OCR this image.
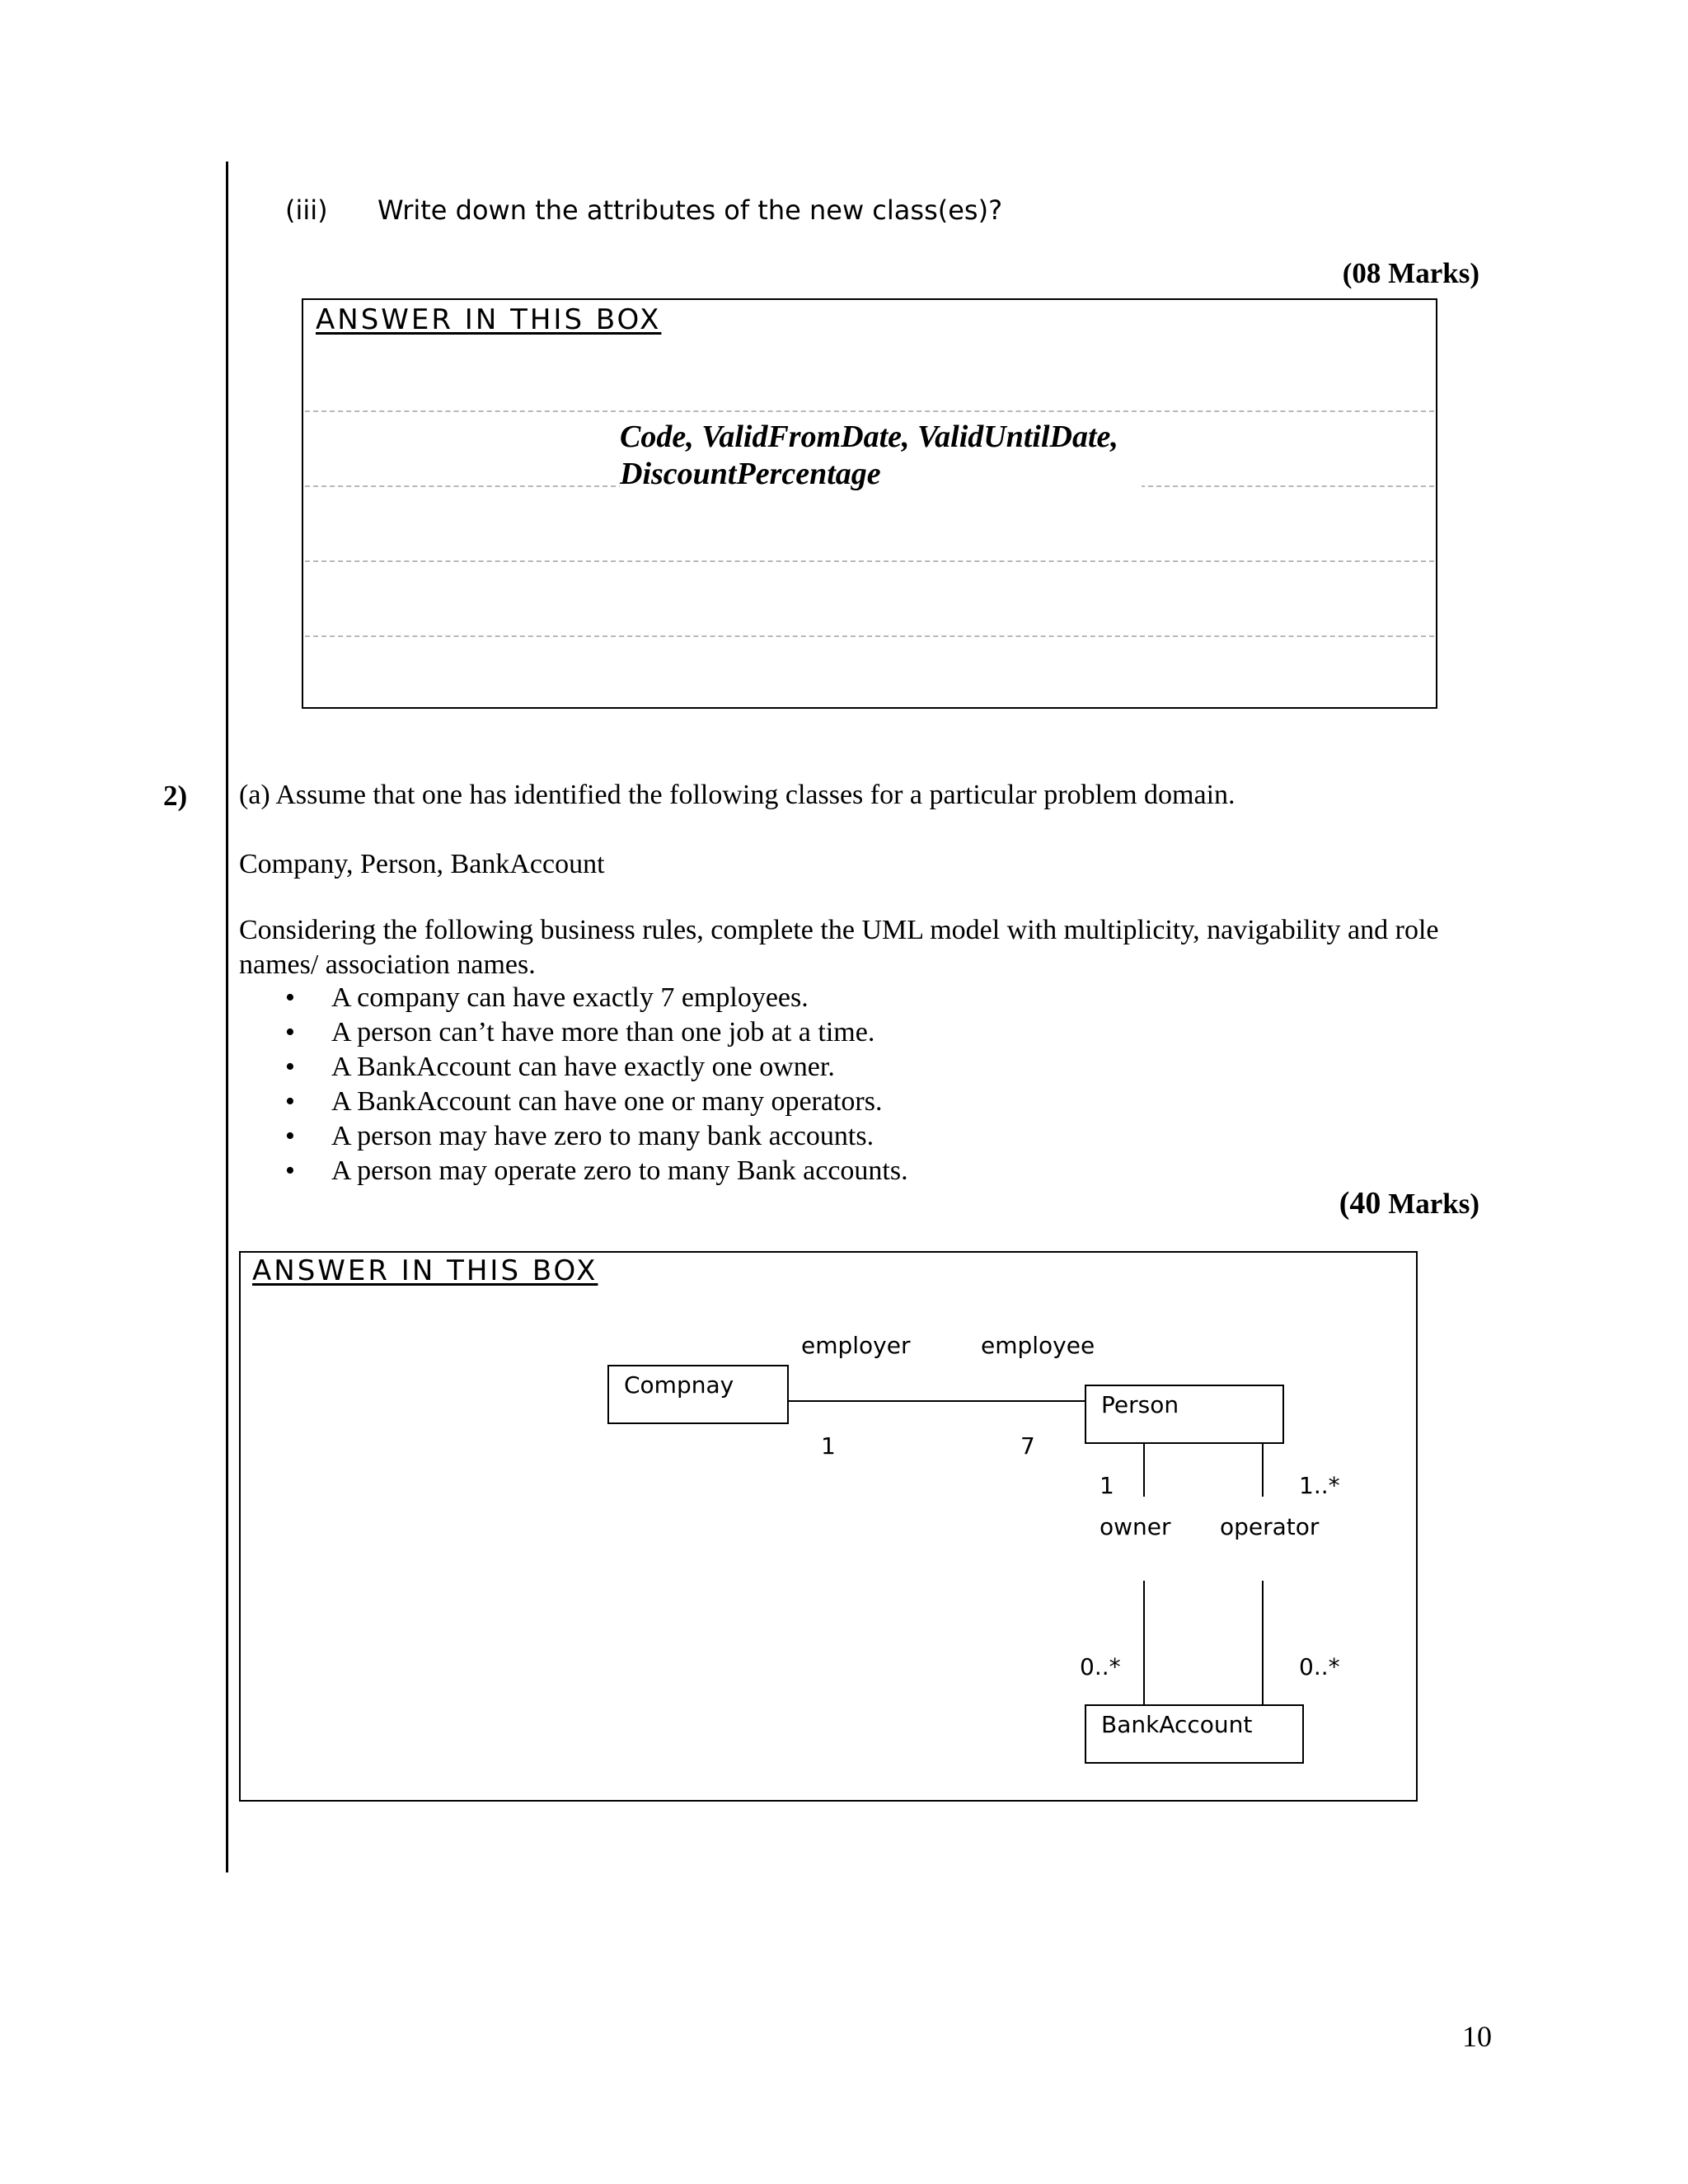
(iii) Write down the attributes of the new class(es)?
(08 Marks)
ANSWER IN THIS BOX
Code, ValidFromDate, ValidUntilDate,
DiscountPercentage
2) (a) Assume that one has identified the following classes for a particular problem domain.
Company, Person, BankAccount
Considering the following business rules, complete the UML model with multiplicity, navigability and role names/ association names.
• A company can have exactly 7 employees.
• A person can’t have more than one job at a time.
• A BankAccount can have exactly one owner.
• A BankAccount can have one or many operators.
• A person may have zero to many bank accounts.
• A person may operate zero to many Bank accounts.
(40 Marks)
ANSWER IN THIS BOX
Compnay
Person
BankAccount
employer	employee
1	7
1
owner
0..*
1..*
operator
0..*
10
